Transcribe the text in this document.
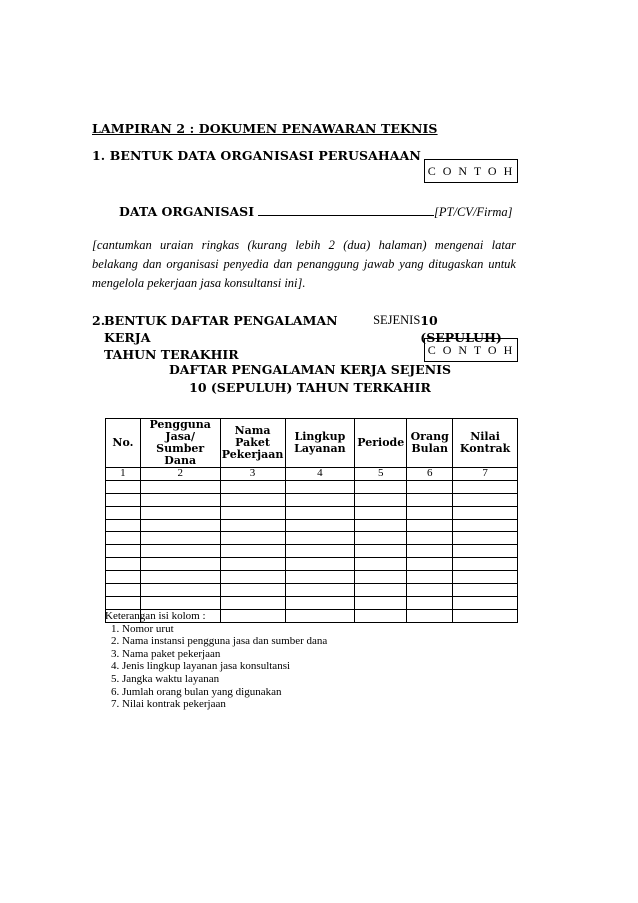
LAMPIRAN 2 : DOKUMEN PENAWARAN TEKNIS
1. BENTUK DATA ORGANISASI PERUSAHAAN
C O N T O H
DATA ORGANISASI	[PT/CV/Firma]
[cantumkan uraian ringkas (kurang lebih 2 (dua) halaman) mengenai latar belakang dan organisasi penyedia dan penanggung jawab yang ditugaskan untuk mengelola pekerjaan jasa konsultansi ini].
2.
BENTUK DAFTAR PENGALAMAN KERJA
SEJENIS 10 (SEPULUH)
TAHUN TERAKHIR	C O N T O H
DAFTAR PENGALAMAN KERJA SEJENIS
10 (SEPULUH) TAHUN TERKAHIR
No.	Pengguna Jasa/ Sumber Dana	Nama Paket Pekerjaan	Lingkup Layanan	Periode	Orang Bulan	Nilai Kontrak
1	2	3	4	5	6	7

Keterangan isi kolom :
1. Nomor urut
2. Nama instansi pengguna jasa dan sumber dana
3. Nama paket pekerjaan
4. Jenis lingkup layanan jasa konsultansi
5. Jangka waktu layanan
6. Jumlah orang bulan yang digunakan
7. Nilai kontrak pekerjaan
